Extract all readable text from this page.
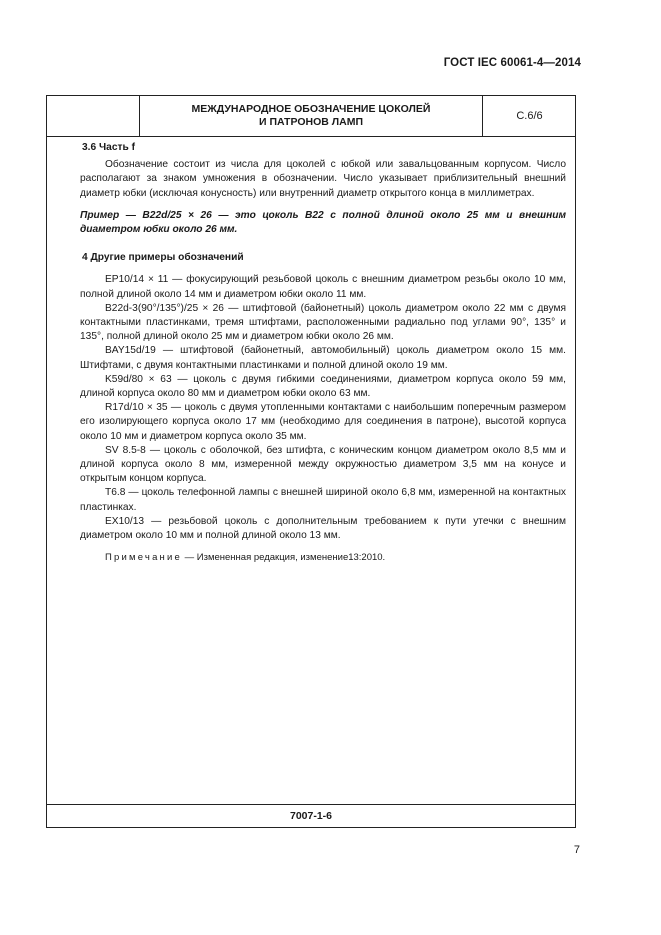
ГОСТ IEC 60061-4—2014
МЕЖДУНАРОДНОЕ ОБОЗНАЧЕНИЕ ЦОКОЛЕЙ
И ПАТРОНОВ ЛАМП	С.6/6
3.6 Часть f

Обозначение состоит из числа для цоколей с юбкой или завальцованным корпусом. Число располагают за знаком умножения в обозначении. Число указывает приблизительный внешний диаметр юбки (исключая конусность) или внутренний диаметр открытого конца в миллиметрах.

Пример — B22d/25 × 26 — это цоколь B22 с полной длиной около 25 мм и внешним диаметром юбки около 26 мм.

4 Другие примеры обозначений

EP10/14 × 11 — фокусирующий резьбовой цоколь с внешним диаметром резьбы около 10 мм, полной длиной около 14 мм и диаметром юбки около 11 мм.

B22d-3(90°/135°)/25 × 26 — штифтовой (байонетный) цоколь диаметром около 22 мм с двумя контактными пластинками, тремя штифтами, расположенными радиально под углами 90°, 135° и 135°, полной длиной около 25 мм и диаметром юбки около 26 мм.

BAY15d/19 — штифтовой (байонетный, автомобильный) цоколь диаметром около 15 мм. Штифтами, с двумя контактными пластинками и полной длиной около 19 мм.

K59d/80 × 63 — цоколь с двумя гибкими соединениями, диаметром корпуса около 59 мм, длиной корпуса около 80 мм и диаметром юбки около 63 мм.

R17d/10 × 35 — цоколь с двумя утопленными контактами с наибольшим поперечным размером его изолирующего корпуса около 17 мм (необходимо для соединения в патроне), высотой корпуса около 10 мм и диаметром корпуса около 35 мм.

SV 8.5-8 — цоколь с оболочкой, без штифта, с коническим концом диаметром около 8,5 мм и длиной корпуса около 8 мм, измеренной между окружностью диаметром 3,5 мм на конусе и открытым концом корпуса.

T6.8 — цоколь телефонной лампы с внешней шириной около 6,8 мм, измеренной на контактных пластинках.

EX10/13 — резьбовой цоколь с дополнительным требованием к пути утечки с внешним диаметром около 10 мм и полной длиной около 13 мм.

Примечание — Измененная редакция, изменение13:2010.

7007-1-6
7
